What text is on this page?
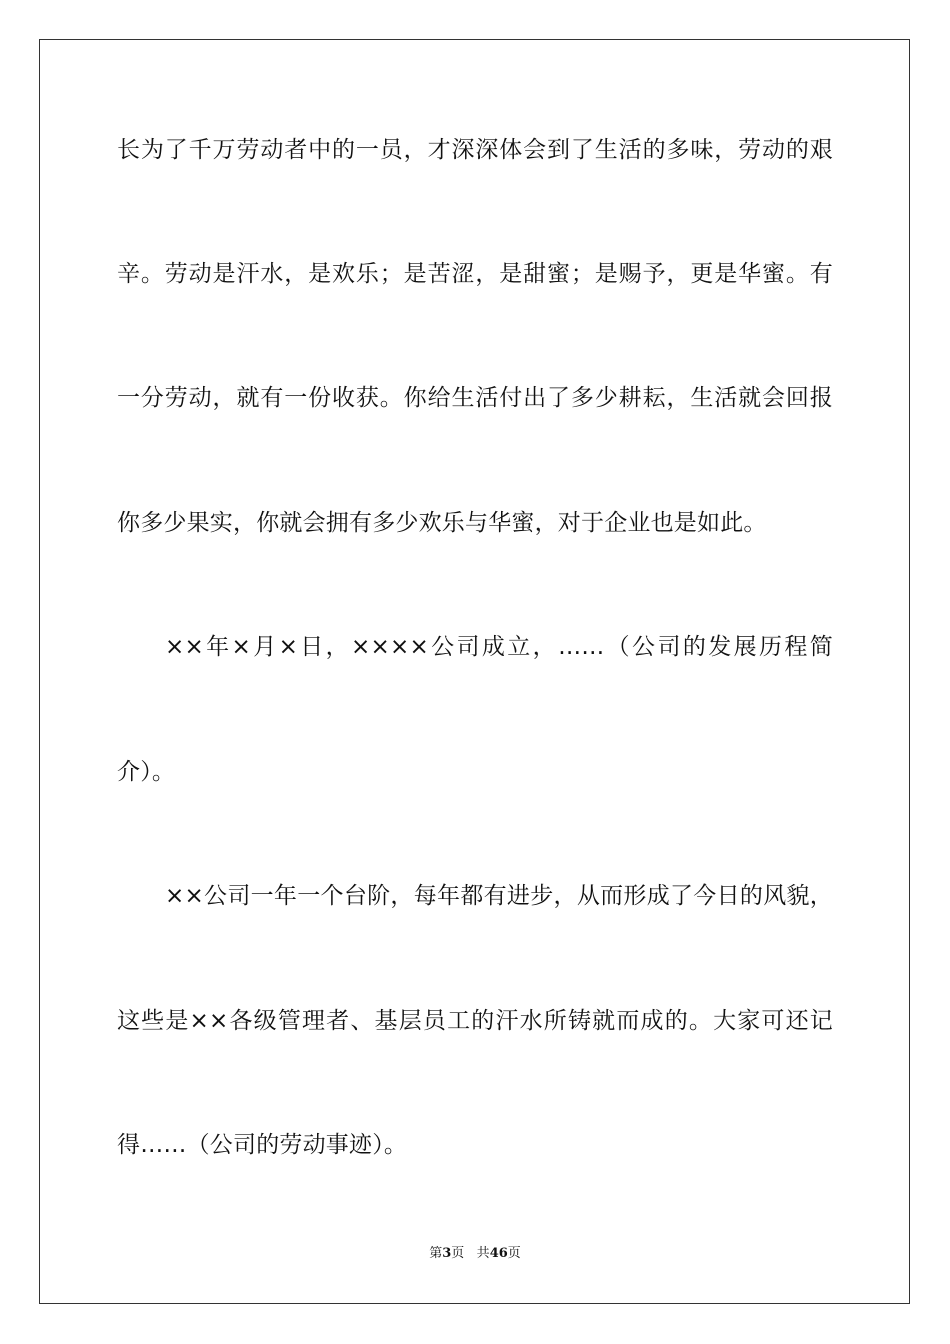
长为了千万劳动者中的一员，才深深体会到了生活的多味，劳动的艰
辛。劳动是汗水，是欢乐；是苦涩，是甜蜜；是赐予，更是华蜜。有
一分劳动，就有一份收获。你给生活付出了多少耕耘，生活就会回报
你多少果实，你就会拥有多少欢乐与华蜜，对于企业也是如此。
××年×月×日，××××公司成立，……（公司的发展历程简
介）。
××公司一年一个台阶，每年都有进步，从而形成了今日的风貌，
这些是××各级管理者、基层员工的汗水所铸就而成的。大家可还记
得……（公司的劳动事迹）。
第3页 共46页
